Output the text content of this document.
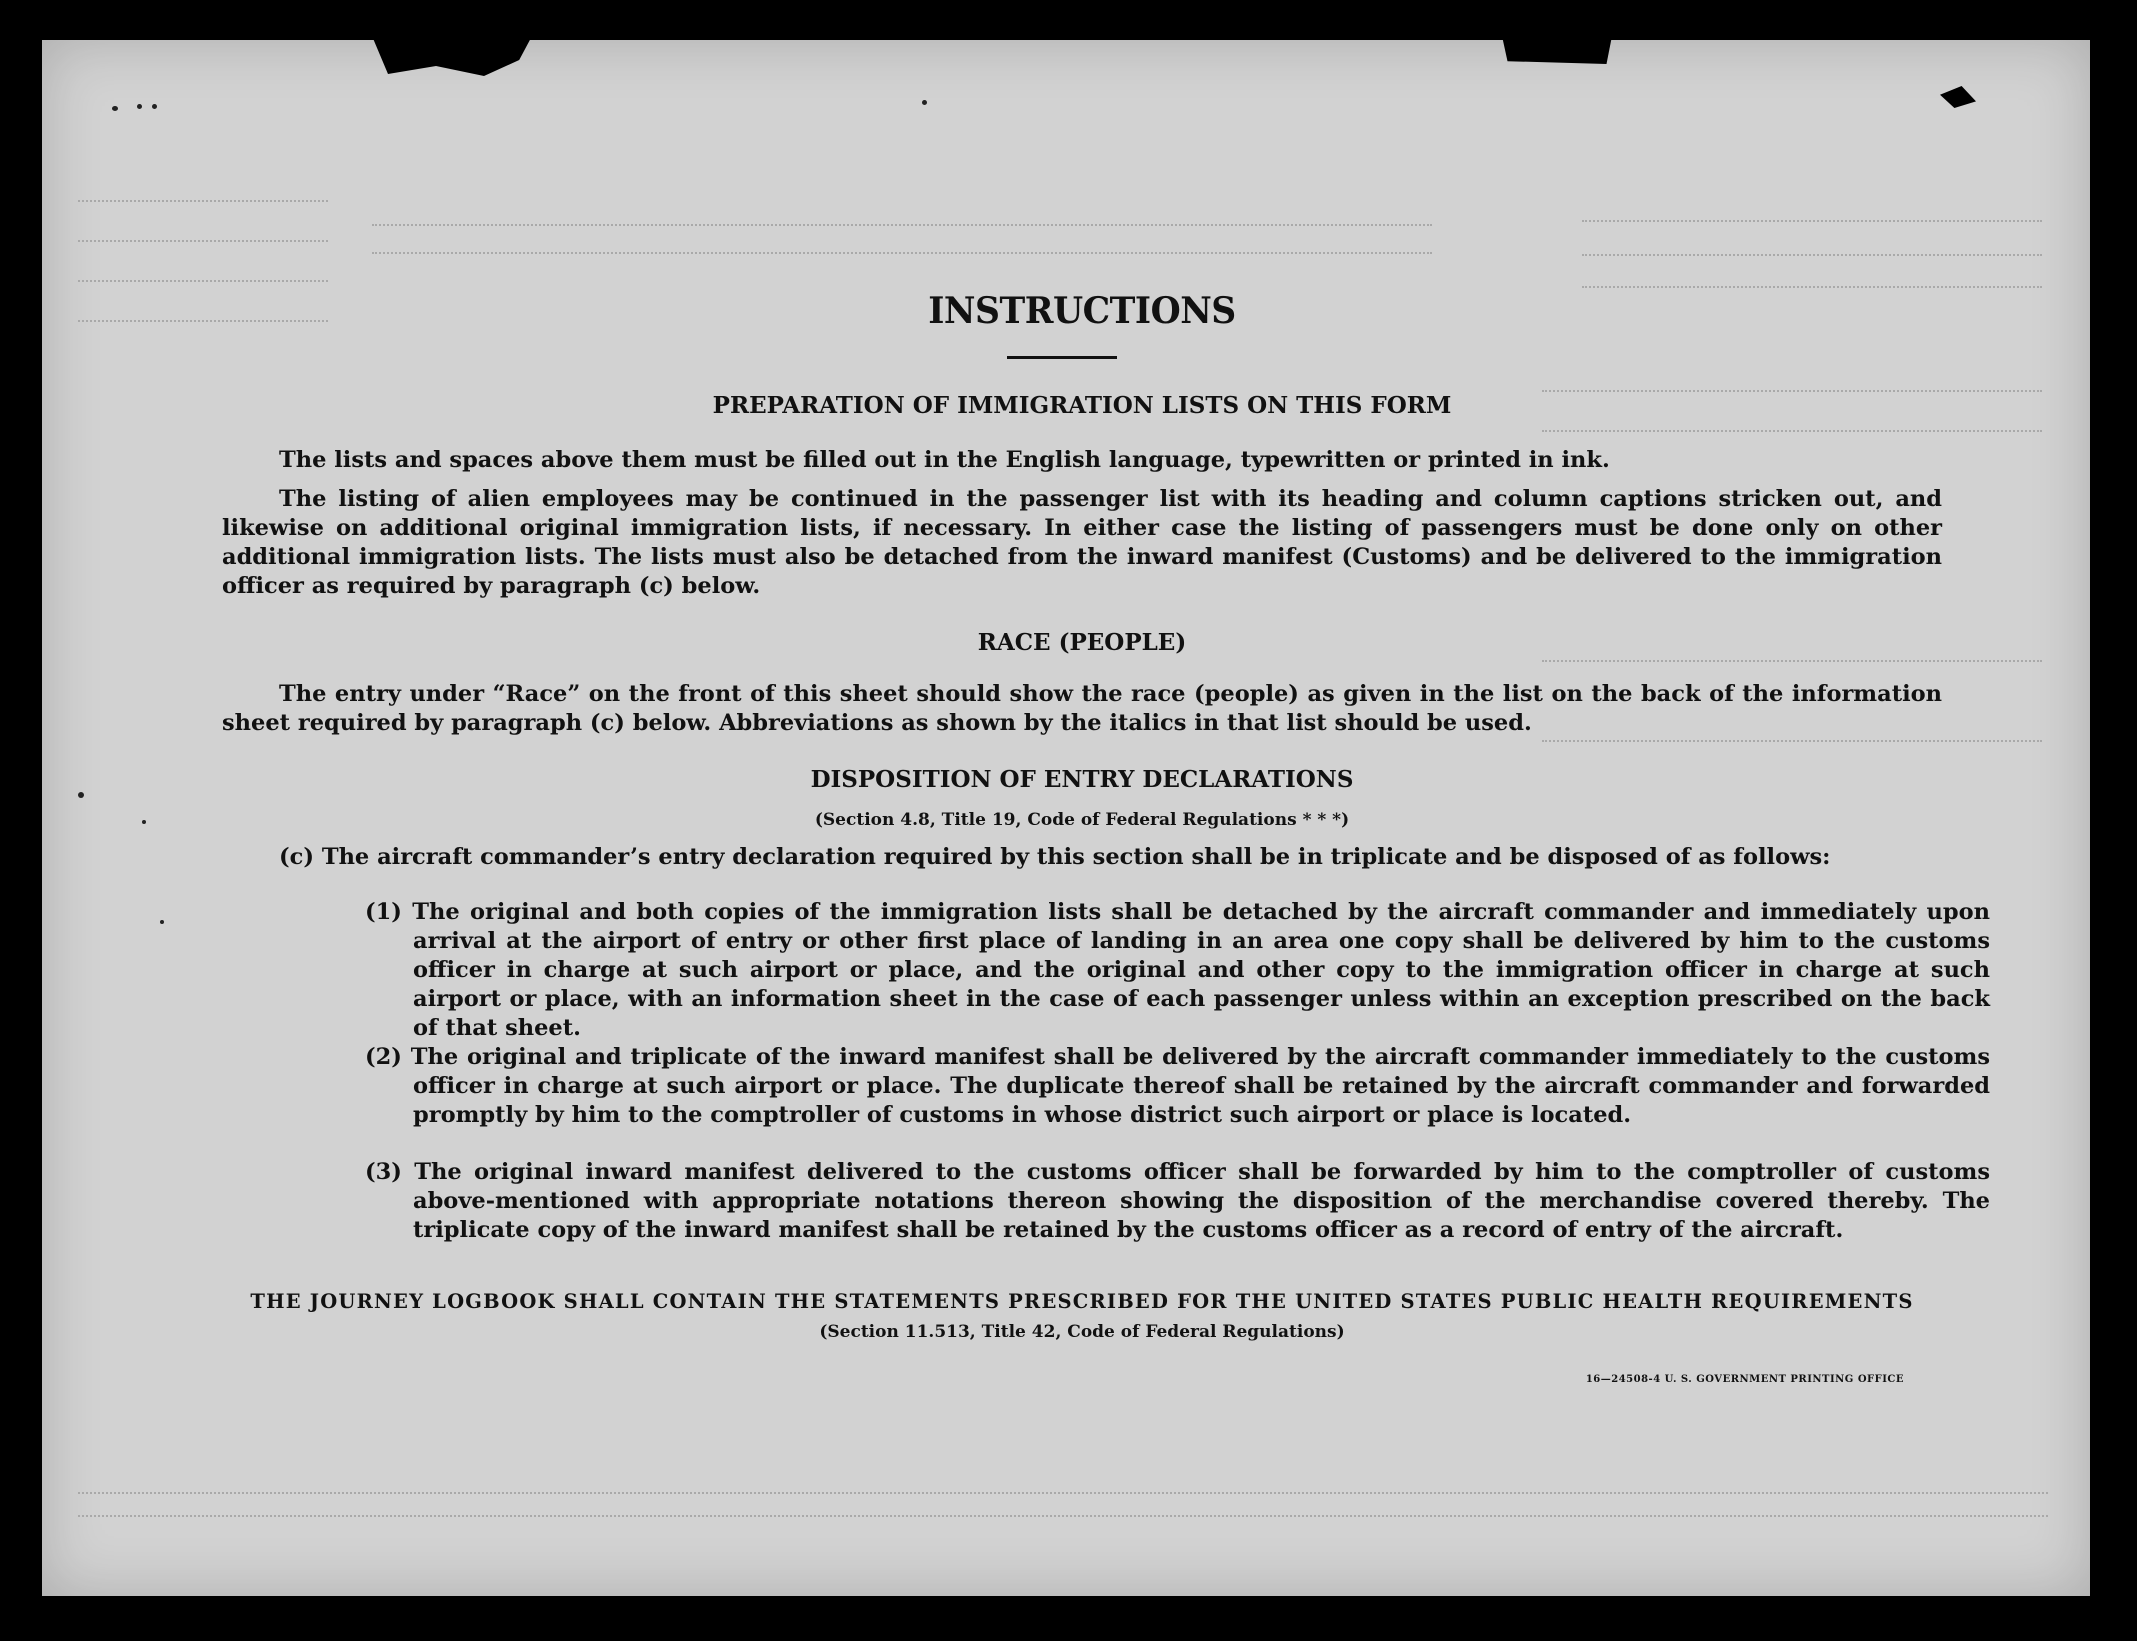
INSTRUCTIONS
PREPARATION OF IMMIGRATION LISTS ON THIS FORM
The lists and spaces above them must be filled out in the English language, typewritten or printed in ink.
The listing of alien employees may be continued in the passenger list with its heading and column captions stricken out, and likewise on additional original immigration lists, if necessary. In either case the listing of passengers must be done only on other additional immigration lists. The lists must also be detached from the inward manifest (Customs) and be delivered to the immigration officer as required by paragraph (c) below.
RACE (PEOPLE)
The entry under “Race” on the front of this sheet should show the race (people) as given in the list on the back of the information sheet required by paragraph (c) below. Abbreviations as shown by the italics in that list should be used.
DISPOSITION OF ENTRY DECLARATIONS
(Section 4.8, Title 19, Code of Federal Regulations * * *)
(c) The aircraft commander’s entry declaration required by this section shall be in triplicate and be disposed of as follows:
(1) The original and both copies of the immigration lists shall be detached by the aircraft commander and immediately upon arrival at the airport of entry or other first place of landing in an area one copy shall be delivered by him to the customs officer in charge at such airport or place, and the original and other copy to the immigration officer in charge at such airport or place, with an information sheet in the case of each passenger unless within an exception prescribed on the back of that sheet.
(2) The original and triplicate of the inward manifest shall be delivered by the aircraft commander immediately to the customs officer in charge at such airport or place. The duplicate thereof shall be retained by the aircraft commander and forwarded promptly by him to the comptroller of customs in whose district such airport or place is located.
(3) The original inward manifest delivered to the customs officer shall be forwarded by him to the comptroller of customs above-mentioned with appropriate notations thereon showing the disposition of the merchandise covered thereby. The triplicate copy of the inward manifest shall be retained by the customs officer as a record of entry of the aircraft.
THE JOURNEY LOGBOOK SHALL CONTAIN THE STATEMENTS PRESCRIBED FOR THE UNITED STATES PUBLIC HEALTH REQUIREMENTS
(Section 11.513, Title 42, Code of Federal Regulations)
16—24508-4 U. S. GOVERNMENT PRINTING OFFICE
